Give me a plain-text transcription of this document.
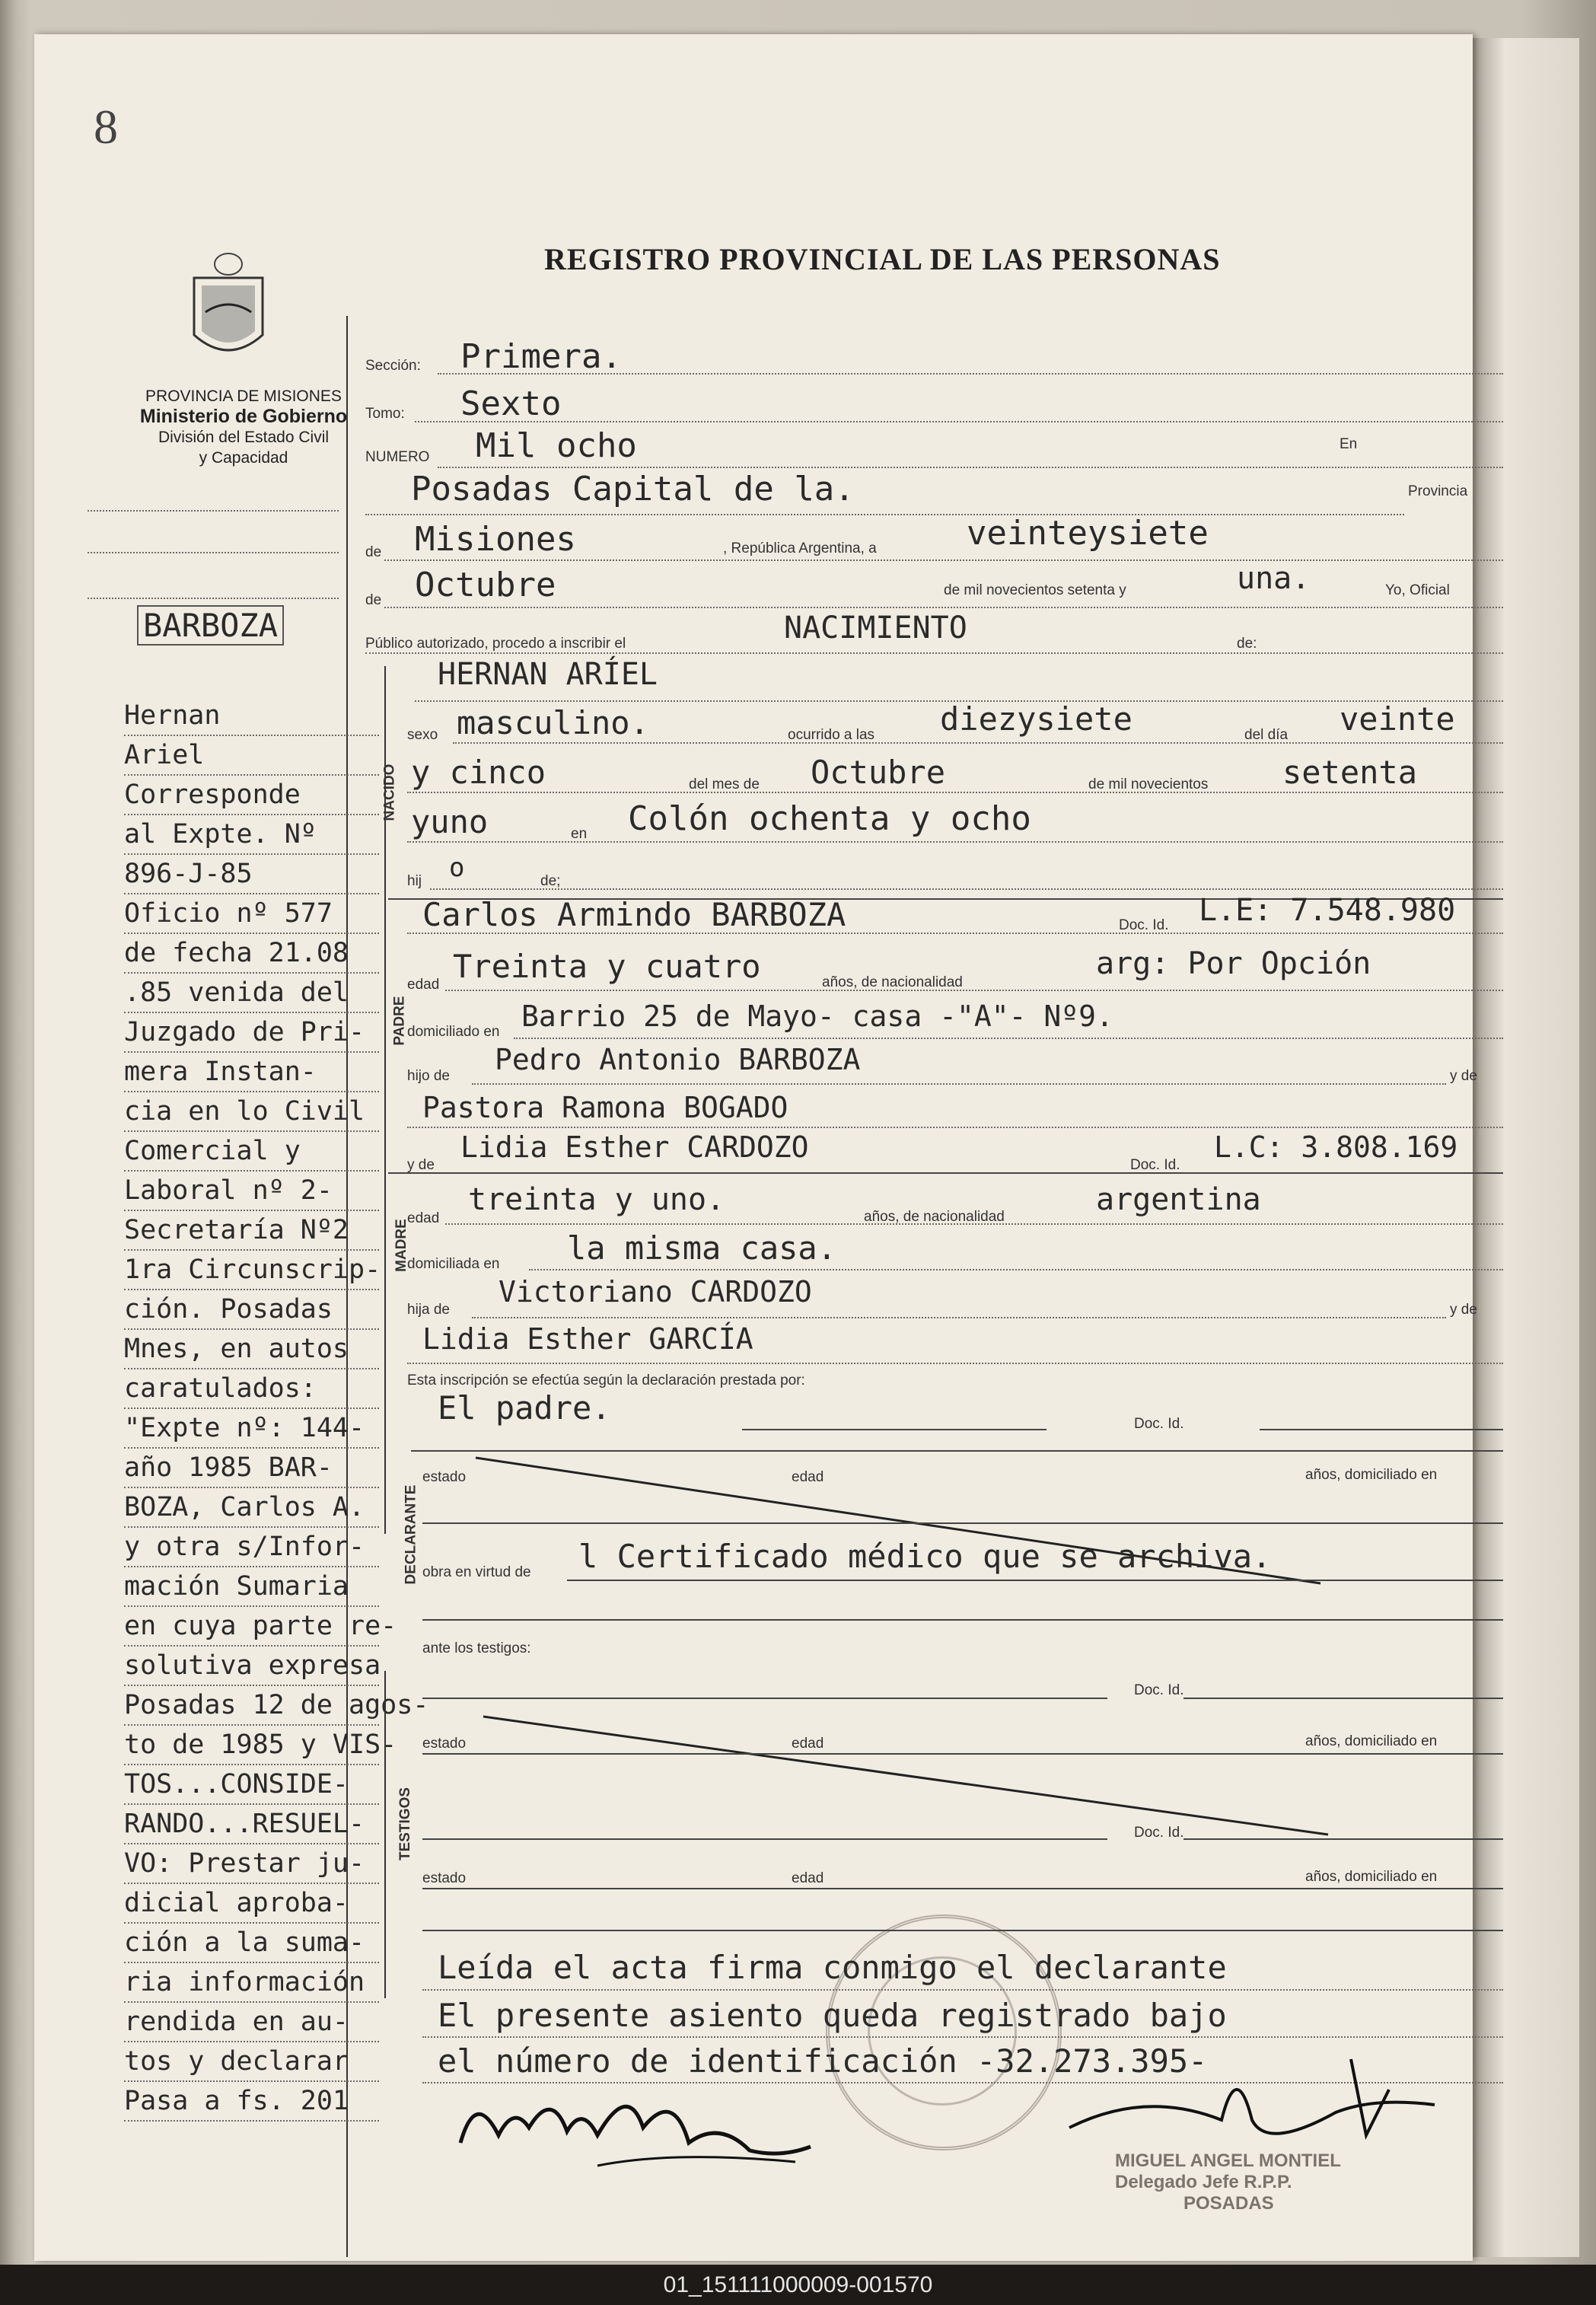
8
REGISTRO PROVINCIAL DE LAS PERSONAS
PROVINCIA DE MISIONES
Ministerio de Gobierno
División del Estado Civil
y Capacidad
BARBOZA
Hernan
Ariel
Corresponde
al Expte. Nº
896-J-85
Oficio nº 577
de fecha 21.08
.85 venida del
Juzgado de Pri-
mera Instan-
cia en lo Civil
Comercial y
Laboral nº 2-
Secretaría Nº2
1ra Circunscrip-
ción. Posadas
Mnes, en autos
caratulados:
"Expte nº: 144-
año 1985 BAR-
BOZA, Carlos A.
y otra s/Infor-
mación Sumaria
en cuya parte re-
solutiva expresa
Posadas 12 de agos-
to de 1985 y VIS-
TOS...CONSIDE-
RANDO...RESUEL-
VO: Prestar ju-
dicial aproba-
ción a la suma-
ria información
rendida en au-
tos y declarar
Pasa a fs. 201
Sección: Primera.
Tomo: Sexto
NUMERO Mil ocho	En
Posadas Capital de la.	Provincia
de Misiones	, República Argentina, a	veinteysiete
de Octubre	de mil novecientos setenta y	una.	Yo, Oficial
Público autorizado, procedo a inscribir el	NACIMIENTO	de:
NACIDO
HERNAN ARÍEL
sexo masculino.	ocurrido a las diezysiete	del día veinte
y cinco	del mes de Octubre	de mil novecientos setenta
yuno	en Colón ochenta y ocho
hij o	de;
PADRE
Carlos Armindo BARBOZA	Doc. Id. L.E: 7.548.980
edad Treinta y cuatro	años, de nacionalidad
arg: Por Opción
domiciliado en Barrio 25 de Mayo- casa -"A"- Nº9.
hijo de Pedro Antonio BARBOZA	y de
Pastora Ramona BOGADO
y de
Lidia Esther CARDOZO
Doc. Id.
L.C: 3.808.169
MADRE
edad
treinta y uno.	años, de nacionalidad	argentina
domiciliada en la misma casa.
hija de
Victoriano CARDOZO
y de
Lidia Esther GARCÍA
Esta inscripción se efectúa según la declaración prestada por:
El padre.	Doc. Id.
DECLARANTE
estado	edad	años, domiciliado en
obra en virtud de l Certificado médico que se archiva.
ante los testigos:
Doc. Id.
TESTIGOS
estado	edad	años, domiciliado en
Doc. Id.
estado	edad	años, domiciliado en
Leída el acta firma conmigo el declarante
El presente asiento queda registrado bajo
el número de identificación -32.273.395-
MIGUEL ANGEL MONTIEL
Delegado Jefe R.P.P.
POSADAS
01_151111000009-001570
